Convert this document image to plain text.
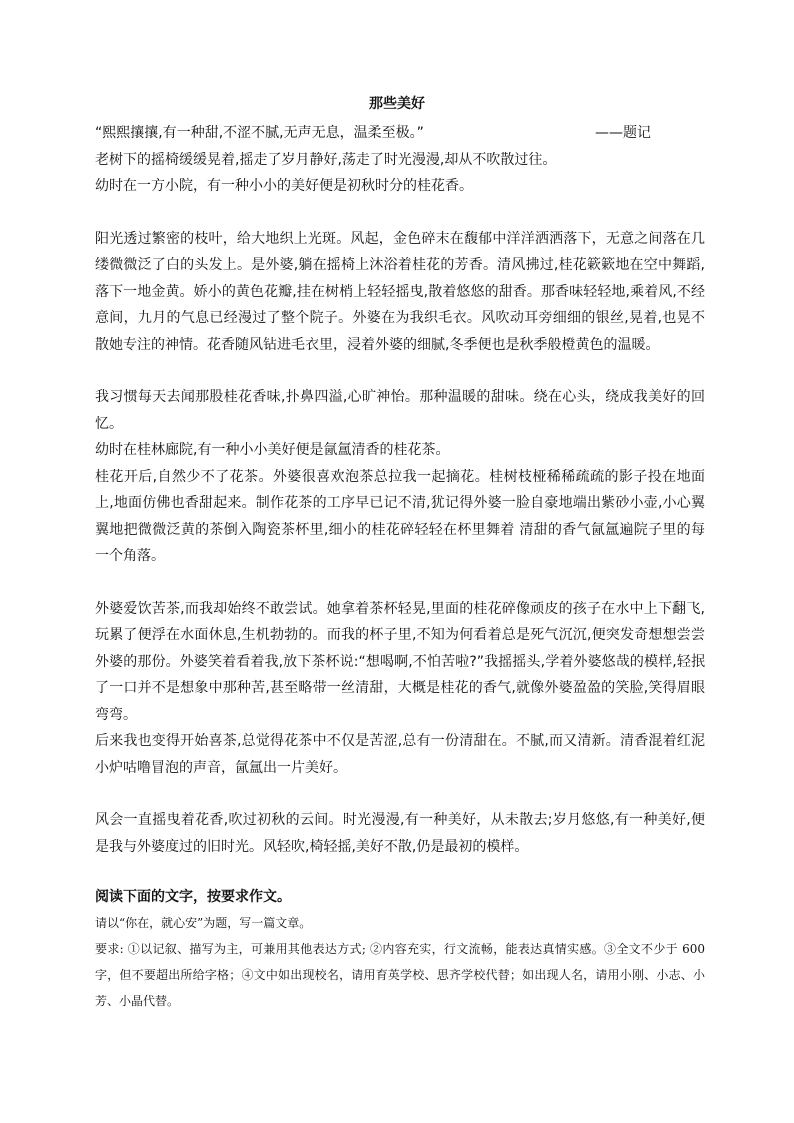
那些美好
“熙熙攘攘,有一种甜,不涩不腻,无声无息，温柔至极。”	——题记

老树下的摇椅缓缓晃着,摇走了岁月静好,荡走了时光漫漫,却从不吹散过往。

幼时在一方小院，有一种小小的美好便是初秋时分的桂花香。

阳光透过繁密的枝叶，给大地织上光斑。风起，金色碎末在馥郁中洋洋洒洒落下，无意之间落在几缕微微泛了白的头发上。是外婆,躺在摇椅上沐浴着桂花的芳香。清风拂过,桂花簌簌地在空中舞蹈,落下一地金黄。娇小的黄色花瓣,挂在树梢上轻轻摇曳,散着悠悠的甜香。那香味轻轻地,乘着风,不经意间，九月的气息已经漫过了整个院子。外婆在为我织毛衣。风吹动耳旁细细的银丝,晃着,也晃不散她专注的神情。花香随风钻进毛衣里，浸着外婆的细腻,冬季便也是秋季般橙黄色的温暖。

我习惯每天去闻那股桂花香味,扑鼻四溢,心旷神怡。那种温暖的甜味。绕在心头，绕成我美好的回忆。

幼时在桂林廊院,有一种小小美好便是氤氲清香的桂花茶。

桂花开后,自然少不了花茶。外婆很喜欢泡茶总拉我一起摘花。桂树枝桠稀稀疏疏的影子投在地面上,地面仿佛也香甜起来。制作花茶的工序早已记不清,犹记得外婆一脸自豪地端出紫砂小壶,小心翼翼地把微微泛黄的茶倒入陶瓷茶杯里,细小的桂花碎轻轻在杯里舞着 清甜的香气氤氲遍院子里的每一个角落。

外婆爱饮苦茶,而我却始终不敢尝试。她拿着茶杯轻晃,里面的桂花碎像顽皮的孩子在水中上下翻飞,玩累了便浮在水面休息,生机勃勃的。而我的杯子里,不知为何看着总是死气沉沉,便突发奇想想尝尝外婆的那份。外婆笑着看着我,放下茶杯说:“想喝啊,不怕苦啦?”我摇摇头,学着外婆悠哉的模样,轻抿了一口并不是想象中那种苦,甚至略带一丝清甜，大概是桂花的香气,就像外婆盈盈的笑脸,笑得眉眼弯弯。

后来我也变得开始喜茶,总觉得花茶中不仅是苦涩,总有一份清甜在。不腻,而又清新。清香混着红泥小炉咕噜冒泡的声音，氤氲出一片美好。

风会一直摇曳着花香,吹过初秋的云间。时光漫漫,有一种美好，从未散去;岁月悠悠,有一种美好,便是我与外婆度过的旧时光。风轻吹,椅轻摇,美好不散,仍是最初的模样。

阅读下面的文字，按要求作文。

请以“你在，就心安”为题，写一篇文章。

要求: ①以记叙、描写为主，可兼用其他表达方式; ②内容充实，行文流畅，能表达真情实感。③全文不少于 600 字，但不要超出所给字格；④文中如出现校名，请用育英学校、思齐学校代替；如出现人名，请用小刚、小志、小芳、小晶代替。
